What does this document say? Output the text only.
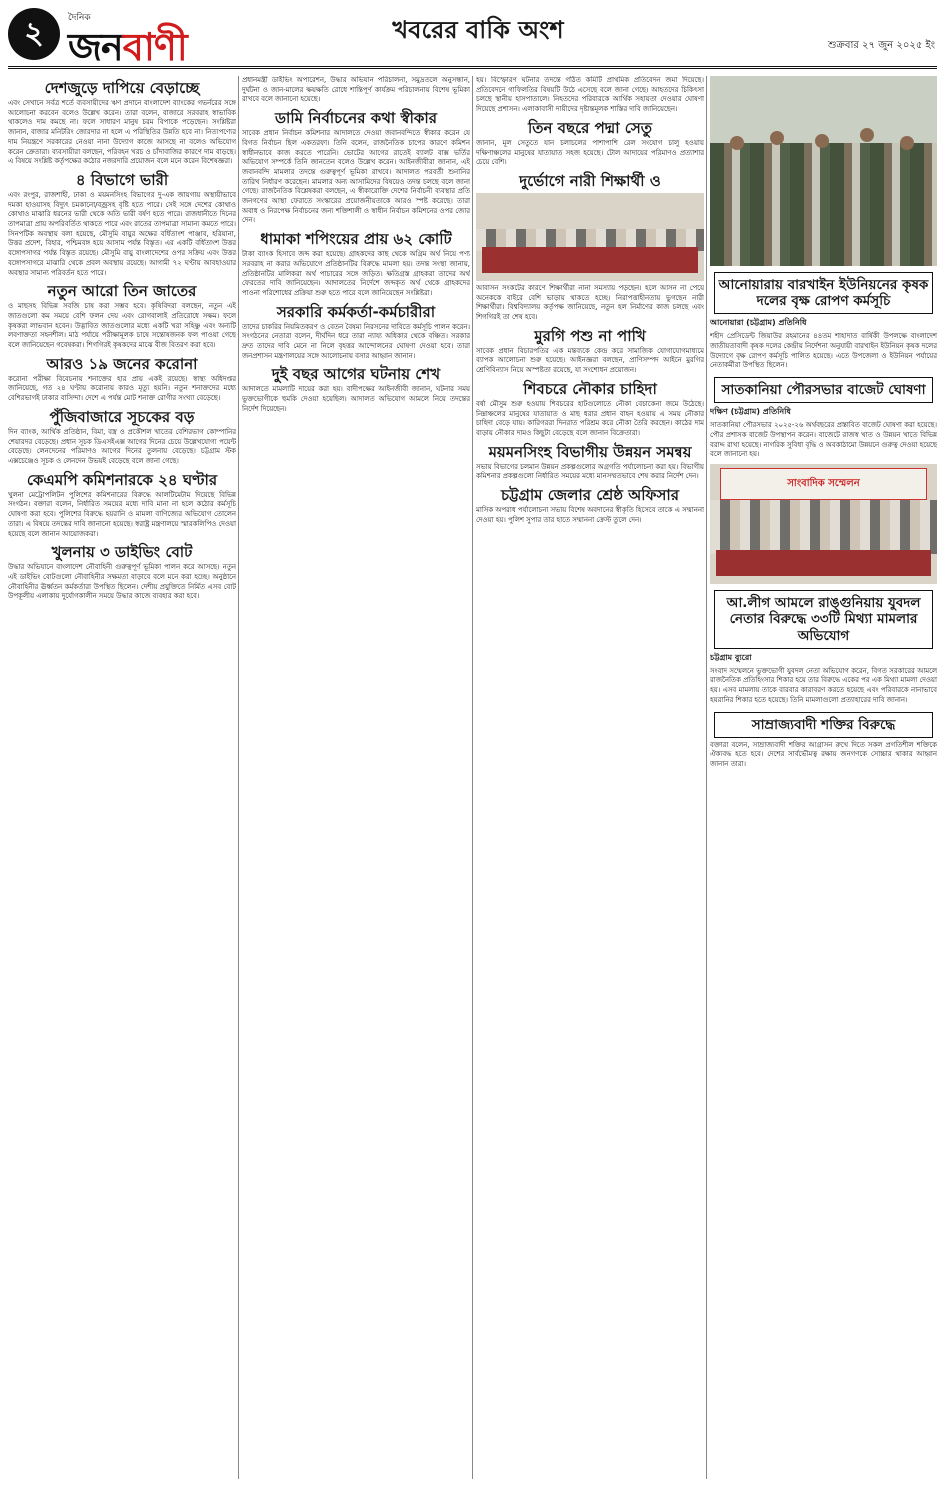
২	দৈনিক
জনবাণী	খবরের বাকি অংশ
শুক্রবার ২৭ জুন ২০২৫ ইং
দেশজুড়ে দাপিয়ে বেড়াচ্ছে

এবং সেখানে সর্বত্র শর্তে ব্যবসায়ীদের ঋণ প্রদানে বাংলাদেশ ব্যাংকের গভর্নরের সঙ্গে আলোচনা করবেন বলেও উল্লেখ করেন। তারা বলেন, বাজারে সরবরাহ স্বাভাবিক থাকলেও দাম কমছে না। ফলে সাধারণ মানুষ চরম বিপাকে পড়েছেন। সংশ্লিষ্টরা জানান, বাজার মনিটরিং জোরদার না হলে এ পরিস্থিতির উন্নতি হবে না। নিত্যপণ্যের দাম নিয়ন্ত্রণে সরকারের নেওয়া নানা উদ্যোগ কাজে আসছে না বলেও অভিযোগ করেন ক্রেতারা। ব্যবসায়ীরা বলছেন, পরিবহন খরচ ও চাঁদাবাজির কারণে দাম বাড়ছে। এ বিষয়ে সংশ্লিষ্ট কর্তৃপক্ষের কঠোর নজরদারি প্রয়োজন বলে মনে করেন বিশেষজ্ঞরা।

৪ বিভাগে ভারী

এবং রংপুর, রাজশাহী, ঢাকা ও ময়মনসিংহ বিভাগের দু-এক জায়গায় অস্থায়ীভাবে দমকা হাওয়াসহ বিদ্যুৎ চমকানো/বজ্রসহ বৃষ্টি হতে পারে। সেই সঙ্গে দেশের কোথাও কোথাও মাঝারি ধরনের ভারী থেকে অতি ভারী বর্ষণ হতে পারে। রাজধানীতে দিনের তাপমাত্রা প্রায় অপরিবর্তিত থাকতে পারে এবং রাতের তাপমাত্রা সামান্য কমতে পারে। সিনপটিক অবস্থায় বলা হয়েছে, মৌসুমি বায়ুর অক্ষের বর্ধিতাংশ পাঞ্জাব, হরিয়ানা, উত্তর প্রদেশ, বিহার, পশ্চিমবঙ্গ হয়ে আসাম পর্যন্ত বিস্তৃত। এর একটি বর্ধিতাংশ উত্তর বঙ্গোপসাগর পর্যন্ত বিস্তৃত রয়েছে। মৌসুমি বায়ু বাংলাদেশের ওপর সক্রিয় এবং উত্তর বঙ্গোপসাগরে মাঝারি থেকে প্রবল অবস্থায় রয়েছে। আগামী ৭২ ঘণ্টায় আবহাওয়ার অবস্থার সামান্য পরিবর্তন হতে পারে।

নতুন আরো তিন জাতের

ও মাছসহ বিভিন্ন সবজি চাষ করা সম্ভব হবে। কৃষিবিদরা বলছেন, নতুন এই জাতগুলো কম সময়ে বেশি ফলন দেয় এবং রোগবালাই প্রতিরোধে সক্ষম। ফলে কৃষকরা লাভবান হবেন। উদ্ভাবিত জাতগুলোর মধ্যে একটি খরা সহিষ্ণু এবং অন্যটি লবণাক্ততা সহনশীল। মাঠ পর্যায়ে পরীক্ষামূলক চাষে সন্তোষজনক ফল পাওয়া গেছে বলে জানিয়েছেন গবেষকরা। শিগগিরই কৃষকদের মাঝে বীজ বিতরণ করা হবে।

আরও ১৯ জনের করোনা

করোনা পরীক্ষা বিবেচনায় শনাক্তের হার প্রায় একই রয়েছে। স্বাস্থ্য অধিদপ্তর জানিয়েছে, গত ২৪ ঘণ্টায় করোনায় কারও মৃত্যু হয়নি। নতুন শনাক্তদের মধ্যে বেশিরভাগই ঢাকার বাসিন্দা। দেশে এ পর্যন্ত মোট শনাক্ত রোগীর সংখ্যা বেড়েছে।

পুঁজিবাজারে সূচকের বড়

দিন ব্যাংক, আর্থিক প্রতিষ্ঠান, বিমা, বস্ত্র ও প্রকৌশল খাতের বেশিরভাগ কোম্পানির শেয়ারদর বেড়েছে। প্রধান সূচক ডিএসইএক্স আগের দিনের চেয়ে উল্লেখযোগ্য পয়েন্ট বেড়েছে। লেনদেনের পরিমাণও আগের দিনের তুলনায় বেড়েছে। চট্টগ্রাম স্টক এক্সচেঞ্জেও সূচক ও লেনদেন উভয়ই বেড়েছে বলে জানা গেছে।

কেএমপি কমিশনারকে ২৪ ঘণ্টার

খুলনা মেট্রোপলিটন পুলিশের কমিশনারের বিরুদ্ধে আলটিমেটাম দিয়েছে বিভিন্ন সংগঠন। বক্তারা বলেন, নির্ধারিত সময়ের মধ্যে দাবি মানা না হলে কঠোর কর্মসূচি ঘোষণা করা হবে। পুলিশের বিরুদ্ধে হয়রানি ও মামলা বাণিজ্যের অভিযোগ তোলেন তারা। এ বিষয়ে তদন্তের দাবি জানানো হয়েছে। স্বরাষ্ট্র মন্ত্রণালয়ে স্মারকলিপিও দেওয়া হয়েছে বলে জানান আয়োজকরা।

খুলনায় ৩ ডাইভিং বোট

উদ্ধার অভিযানে বাংলাদেশ নৌবাহিনী গুরুত্বপূর্ণ ভূমিকা পালন করে আসছে। নতুন এই ডাইভিং বোটগুলো নৌবাহিনীর সক্ষমতা বাড়াবে বলে মনে করা হচ্ছে। অনুষ্ঠানে নৌবাহিনীর ঊর্ধ্বতন কর্মকর্তারা উপস্থিত ছিলেন। দেশীয় প্রযুক্তিতে নির্মিত এসব বোট উপকূলীয় এলাকায় দুর্যোগকালীন সময়ে উদ্ধার কাজে ব্যবহার করা হবে।

প্রধানমন্ত্রী ডাইভিং অপারেশন, উদ্ধার অভিযান পরিচালনা, সমুদ্রতলে অনুসন্ধান, দুর্ঘটনা ও জান-মালের ক্ষয়ক্ষতি রোধে শান্তিপূর্ণ কার্যক্রম পরিচালনায় বিশেষ ভূমিকা রাখবে বলে জানানো হয়েছে।

ডামি নির্বাচনের কথা স্বীকার

সাবেক প্রধান নির্বাচন কমিশনার আদালতে দেওয়া জবানবন্দিতে স্বীকার করেন যে বিগত নির্বাচন ছিল একতরফা। তিনি বলেন, রাজনৈতিক চাপের কারণে কমিশন স্বাধীনভাবে কাজ করতে পারেনি। ভোটের আগের রাতেই ব্যালট বাক্স ভর্তির অভিযোগ সম্পর্কে তিনি জানতেন বলেও উল্লেখ করেন। আইনজীবীরা জানান, এই জবানবন্দি মামলার তদন্তে গুরুত্বপূর্ণ ভূমিকা রাখবে। আদালত পরবর্তী শুনানির তারিখ নির্ধারণ করেছেন। মামলার অন্য আসামিদের বিষয়েও তদন্ত চলছে বলে জানা গেছে। রাজনৈতিক বিশ্লেষকরা বলছেন, এ স্বীকারোক্তি দেশের নির্বাচনী ব্যবস্থার প্রতি জনগণের আস্থা ফেরাতে সংস্কারের প্রয়োজনীয়তাকে আরও স্পষ্ট করেছে। তারা অবাধ ও নিরপেক্ষ নির্বাচনের জন্য শক্তিশালী ও স্বাধীন নির্বাচন কমিশনের ওপর জোর দেন।

ধামাকা শপিংয়ের প্রায় ৬২ কোটি

টাকা ব্যাংক হিসাবে জব্দ করা হয়েছে। গ্রাহকদের কাছ থেকে অগ্রিম অর্থ নিয়ে পণ্য সরবরাহ না করার অভিযোগে প্রতিষ্ঠানটির বিরুদ্ধে মামলা হয়। তদন্ত সংস্থা জানায়, প্রতিষ্ঠানটির মালিকরা অর্থ পাচারের সঙ্গে জড়িত। ক্ষতিগ্রস্ত গ্রাহকরা তাদের অর্থ ফেরতের দাবি জানিয়েছেন। আদালতের নির্দেশে জব্দকৃত অর্থ থেকে গ্রাহকদের পাওনা পরিশোধের প্রক্রিয়া শুরু হতে পারে বলে জানিয়েছেন সংশ্লিষ্টরা।

সরকারি কর্মকর্তা-কর্মচারীরা

তাদের চাকরির নিয়মিতকরণ ও বেতন বৈষম্য নিরসনের দাবিতে কর্মসূচি পালন করেন। সংগঠনের নেতারা বলেন, দীর্ঘদিন ধরে তারা ন্যায্য অধিকার থেকে বঞ্চিত। সরকার দ্রুত তাদের দাবি মেনে না নিলে বৃহত্তর আন্দোলনের ঘোষণা দেওয়া হবে। তারা জনপ্রশাসন মন্ত্রণালয়ের সঙ্গে আলোচনায় বসার আহ্বান জানান।

দুই বছর আগের ঘটনায় শেখ

আদালতে মামলাটি দায়ের করা হয়। বাদীপক্ষের আইনজীবী জানান, ঘটনার সময় ভুক্তভোগীকে হুমকি দেওয়া হয়েছিল। আদালত অভিযোগ আমলে নিয়ে তদন্তের নির্দেশ দিয়েছেন।

হয়। বিস্ফোরণ ঘটনার তদন্তে গঠিত কমিটি প্রাথমিক প্রতিবেদন জমা দিয়েছে। প্রতিবেদনে গাফিলতির বিষয়টি উঠে এসেছে বলে জানা গেছে। আহতদের চিকিৎসা চলছে স্থানীয় হাসপাতালে। নিহতদের পরিবারকে আর্থিক সহায়তা দেওয়ার ঘোষণা দিয়েছে প্রশাসন। এলাকাবাসী দায়ীদের দৃষ্টান্তমূলক শাস্তির দাবি জানিয়েছেন।

তিন বছরে পদ্মা সেতু

জানান, মূল সেতুতে যান চলাচলের পাশাপাশি রেল সংযোগ চালু হওয়ায় দক্ষিণাঞ্চলের মানুষের যাতায়াত সহজ হয়েছে। টোল আদায়ের পরিমাণও প্রত্যাশার চেয়ে বেশি।

দুর্ভোগে নারী শিক্ষার্থী ও

আবাসন সংকটের কারণে শিক্ষার্থীরা নানা সমস্যায় পড়ছেন। হলে আসন না পেয়ে অনেককে বাইরে বেশি ভাড়ায় থাকতে হচ্ছে। নিরাপত্তাহীনতায় ভুগছেন নারী শিক্ষার্থীরা। বিশ্ববিদ্যালয় কর্তৃপক্ষ জানিয়েছে, নতুন হল নির্মাণের কাজ চলছে এবং শিগগিরই তা শেষ হবে।

মুরগি পশু না পাখি

সাবেক প্রধান বিচারপতির এক মন্তব্যকে কেন্দ্র করে সামাজিক যোগাযোগমাধ্যমে ব্যাপক আলোচনা শুরু হয়েছে। আইনজ্ঞরা বলছেন, প্রাণিসম্পদ আইনে মুরগির শ্রেণিবিন্যাস নিয়ে অস্পষ্টতা রয়েছে, যা সংশোধন প্রয়োজন।

শিবচরে নৌকার চাহিদা

বর্ষা মৌসুম শুরু হওয়ায় শিবচরের হাটগুলোতে নৌকা বেচাকেনা জমে উঠেছে। নিম্নাঞ্চলের মানুষের যাতায়াত ও মাছ ধরার প্রধান বাহন হওয়ায় এ সময় নৌকার চাহিদা বেড়ে যায়। কারিগররা দিনরাত পরিশ্রম করে নৌকা তৈরি করছেন। কাঠের দাম বাড়ায় নৌকার দামও কিছুটা বেড়েছে বলে জানান বিক্রেতারা।

ময়মনসিংহ বিভাগীয় উন্নয়ন সমন্বয়

সভায় বিভাগের চলমান উন্নয়ন প্রকল্পগুলোর অগ্রগতি পর্যালোচনা করা হয়। বিভাগীয় কমিশনার প্রকল্পগুলো নির্ধারিত সময়ের মধ্যে মানসম্মতভাবে শেষ করার নির্দেশ দেন।

চট্টগ্রাম জেলার শ্রেষ্ঠ অফিসার

মাসিক অপরাধ পর্যালোচনা সভায় বিশেষ অবদানের স্বীকৃতি হিসেবে তাকে এ সম্মাননা দেওয়া হয়। পুলিশ সুপার তার হাতে সম্মাননা ক্রেস্ট তুলে দেন।

আনোয়ারায় বারখাইন ইউনিয়নের কৃষক দলের বৃক্ষ রোপণ কর্মসূচি
আনোয়ারা (চট্টগ্রাম) প্রতিনিধি

শহীদ প্রেসিডেন্ট জিয়াউর রহমানের ৪৪তম শাহাদাত বার্ষিকী উপলক্ষে বাংলাদেশ জাতীয়তাবাদী কৃষক দলের কেন্দ্রীয় নির্দেশনা অনুযায়ী বারখাইন ইউনিয়ন কৃষক দলের উদ্যোগে বৃক্ষ রোপণ কর্মসূচি পালিত হয়েছে। এতে উপজেলা ও ইউনিয়ন পর্যায়ের নেতাকর্মীরা উপস্থিত ছিলেন।

সাতকানিয়া পৌরসভার বাজেট ঘোষণা
দক্ষিণ (চট্টগ্রাম) প্রতিনিধি

সাতকানিয়া পৌরসভার ২০২৫-২৬ অর্থবছরের প্রস্তাবিত বাজেট ঘোষণা করা হয়েছে। পৌর প্রশাসক বাজেট উপস্থাপন করেন। বাজেটে রাজস্ব খাত ও উন্নয়ন খাতে বিভিন্ন বরাদ্দ রাখা হয়েছে। নাগরিক সুবিধা বৃদ্ধি ও অবকাঠামো উন্নয়নে গুরুত্ব দেওয়া হয়েছে বলে জানানো হয়।

সাংবাদিক সম্মেলন
আ.লীগ আমলে রাঙ্গুনিয়ায় যুবদল নেতার বিরুদ্ধে ৩৩টি মিথ্যা মামলার অভিযোগ
চট্টগ্রাম ব্যুরো

সংবাদ সম্মেলনে ভুক্তভোগী যুবদল নেতা অভিযোগ করেন, বিগত সরকারের আমলে রাজনৈতিক প্রতিহিংসার শিকার হয়ে তার বিরুদ্ধে একের পর এক মিথ্যা মামলা দেওয়া হয়। এসব মামলায় তাকে বারবার কারাবরণ করতে হয়েছে এবং পরিবারকে নানাভাবে হয়রানির শিকার হতে হয়েছে। তিনি মামলাগুলো প্রত্যাহারের দাবি জানান।

সাম্রাজ্যবাদী শক্তির বিরুদ্ধে

বক্তারা বলেন, সাম্রাজ্যবাদী শক্তির আগ্রাসন রুখে দিতে সকল প্রগতিশীল শক্তিকে ঐক্যবদ্ধ হতে হবে। দেশের সার্বভৌমত্ব রক্ষায় জনগণকে সোচ্চার থাকার আহ্বান জানান তারা।
